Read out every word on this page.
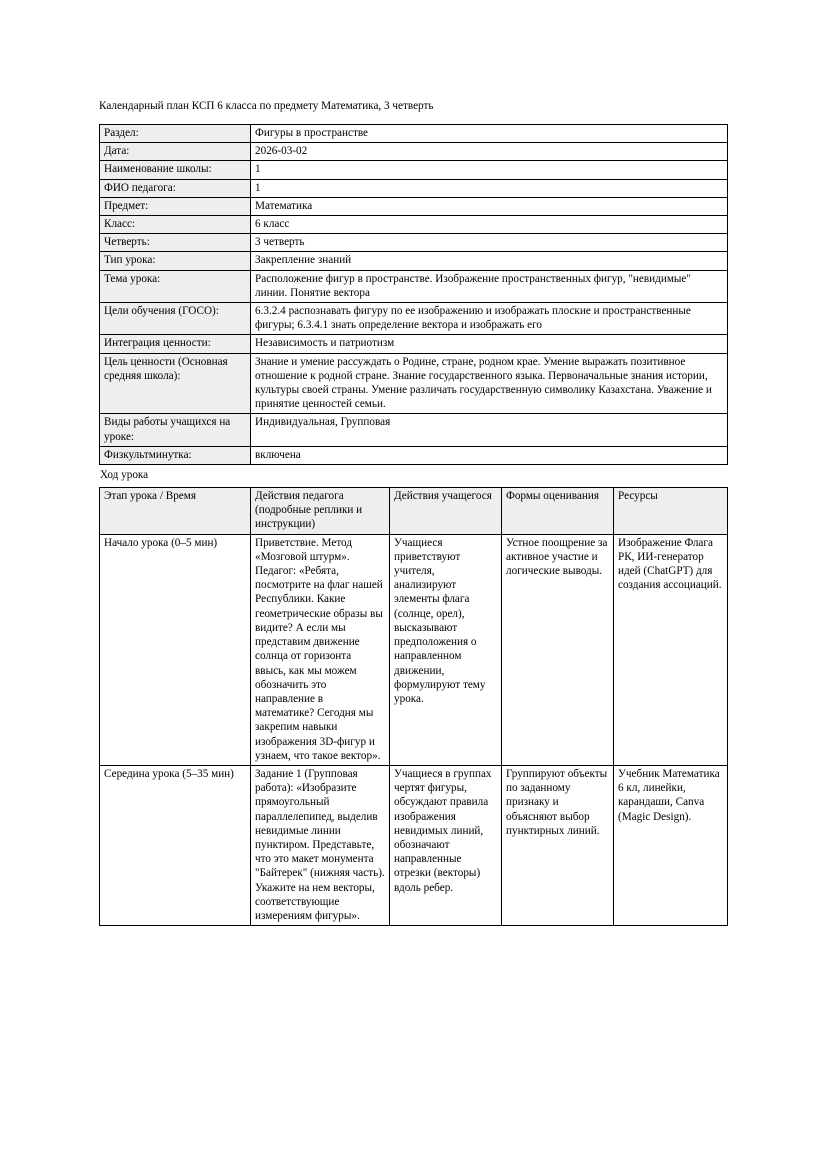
Календарный план КСП 6 класса по предмету Математика, 3 четверть

Раздел:	Фигуры в пространстве
Дата:	2026-03-02
Наименование школы:	1
ФИО педагога:	1
Предмет:	Математика
Класс:	6 класс
Четверть:	3 четверть
Тип урока:	Закрепление знаний
Тема урока:	Расположение фигур в пространстве. Изображение пространственных фигур, "невидимые" линии. Понятие вектора
Цели обучения (ГОСО):	6.3.2.4 распознавать фигуру по ее изображению и изображать плоские и пространственные фигуры; 6.3.4.1 знать определение вектора и изображать его
Интеграция ценности:	Независимость и патриотизм
Цель ценности (Основная средняя школа):	Знание и умение рассуждать о Родине, стране, родном крае. Умение выражать позитивное отношение к родной стране. Знание государственного языка. Первоначальные знания истории, культуры своей страны. Умение различать государственную символику Казахстана. Уважение и принятие ценностей семьи.
Виды работы учащихся на уроке:	Индивидуальная, Групповая
Физкультминутка:	включена

Ход урока

Этап урока / Время	Действия педагога (подробные реплики и инструкции)	Действия учащегося	Формы оценивания	Ресурсы
Начало урока (0–5 мин)	Приветствие. Метод «Мозговой штурм». Педагог: «Ребята, посмотрите на флаг нашей Республики. Какие геометрические образы вы видите? А если мы представим движение солнца от горизонта ввысь, как мы можем обозначить это направление в математике? Сегодня мы закрепим навыки изображения 3D-фигур и узнаем, что такое вектор».	Учащиеся приветствуют учителя, анализируют элементы флага (солнце, орел), высказывают предположения о направленном движении, формулируют тему урока.	Устное поощрение за активное участие и логические выводы.	Изображение Флага РК, ИИ-генератор идей (ChatGPT) для создания ассоциаций.
Середина урока (5–35 мин)	Задание 1 (Групповая работа): «Изобразите прямоугольный параллелепипед, выделив невидимые линии пунктиром. Представьте, что это макет монумента "Байтерек" (нижняя часть). Укажите на нем векторы, соответствующие измерениям фигуры».	Учащиеся в группах чертят фигуры, обсуждают правила изображения невидимых линий, обозначают направленные отрезки (векторы) вдоль ребер.	Группируют объекты по заданному признаку и объясняют выбор пунктирных линий.	Учебник Математика 6 кл, линейки, карандаши, Canva (Magic Design).
